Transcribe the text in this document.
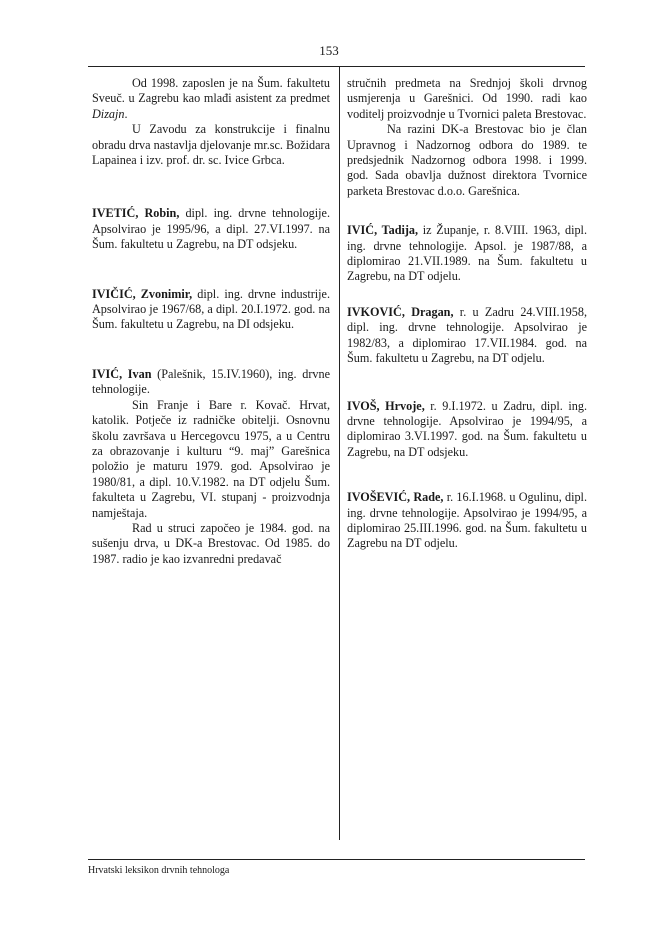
153

Od 1998. zaposlen je na Šum. fakultetu Sveuč. u Zagrebu kao mlađi asistent za predmet Dizajn.

U Zavodu za konstrukcije i finalnu obradu drva nastavlja djelovanje mr.sc. Božidara Lapainea i izv. prof. dr. sc. Ivice Grbca.

IVETIĆ, Robin, dipl. ing. drvne tehnologije. Apsolvirao je 1995/96, a dipl. 27.VI.1997. na Šum. fakultetu u Zagrebu, na DT odsjeku.

IVIČIĆ, Zvonimir, dipl. ing. drvne industrije. Apsolvirao je 1967/68, a dipl. 20.I.1972. god. na Šum. fakultetu u Zagrebu, na DI odsjeku.

IVIĆ, Ivan (Palešnik, 15.IV.1960), ing. drvne tehnologije.

Sin Franje i Bare r. Kovač. Hrvat, katolik. Potječe iz radničke obitelji. Osnovnu školu završava u Hercegovcu 1975, a u Centru za obrazovanje i kulturu “9. maj” Garešnica položio je maturu 1979. god. Apsolvirao je 1980/81, a dipl. 10.V.1982. na DT odjelu Šum. fakulteta u Zagrebu, VI. stupanj - proizvodnja namještaja.

Rad u struci započeo je 1984. god. na sušenju drva, u DK-a Brestovac. Od 1985. do 1987. radio je kao izvanredni predavač

stručnih predmeta na Srednjoj školi drvnog usmjerenja u Garešnici. Od 1990. radi kao voditelj proizvodnje u Tvornici paleta Brestovac.

Na razini DK-a Brestovac bio je član Upravnog i Nadzornog odbora do 1989. te predsjednik Nadzornog odbora 1998. i 1999. god. Sada obavlja dužnost direktora Tvornice parketa Brestovac d.o.o. Garešnica.

IVIĆ, Tadija, iz Županje, r. 8.VIII. 1963, dipl. ing. drvne tehnologije. Apsol. je 1987/88, a diplomirao 21.VII.1989. na Šum. fakultetu u Zagrebu, na DT odjelu.

IVKOVIĆ, Dragan, r. u Zadru 24.VIII.1958, dipl. ing. drvne tehnologije. Apsolvirao je 1982/83, a diplomirao 17.VII.1984. god. na Šum. fakultetu u Zagrebu, na DT odjelu.

IVOŠ, Hrvoje, r. 9.I.1972. u Zadru, dipl. ing. drvne tehnologije. Apsolvirao je 1994/95, a diplomirao 3.VI.1997. god. na Šum. fakultetu u Zagrebu, na DT odsjeku.

IVOŠEVIĆ, Rade, r. 16.I.1968. u Ogulinu, dipl. ing. drvne tehnologije. Apsolvirao je 1994/95, a diplomirao 25.III.1996. god. na Šum. fakultetu u Zagrebu na DT odjelu.

Hrvatski leksikon drvnih tehnologa
